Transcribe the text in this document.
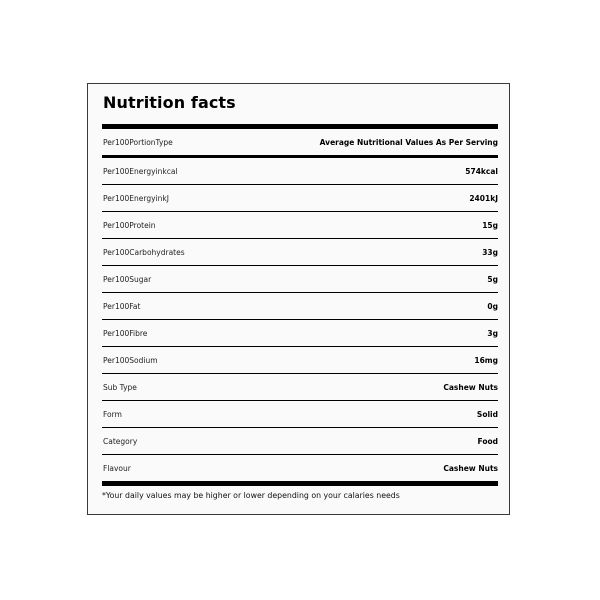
Nutrition facts
Per100PortionType	Average Nutritional Values As Per Serving
Per100Energyinkcal	574kcal
Per100EnergyinkJ	2401kJ
Per100Protein	15g
Per100Carbohydrates	33g
Per100Sugar	5g
Per100Fat	0g
Per100Fibre	3g
Per100Sodium	16mg
Sub Type	Cashew Nuts
Form	Solid
Category	Food
Flavour	Cashew Nuts
*Your daily values may be higher or lower depending on your calaries needs
